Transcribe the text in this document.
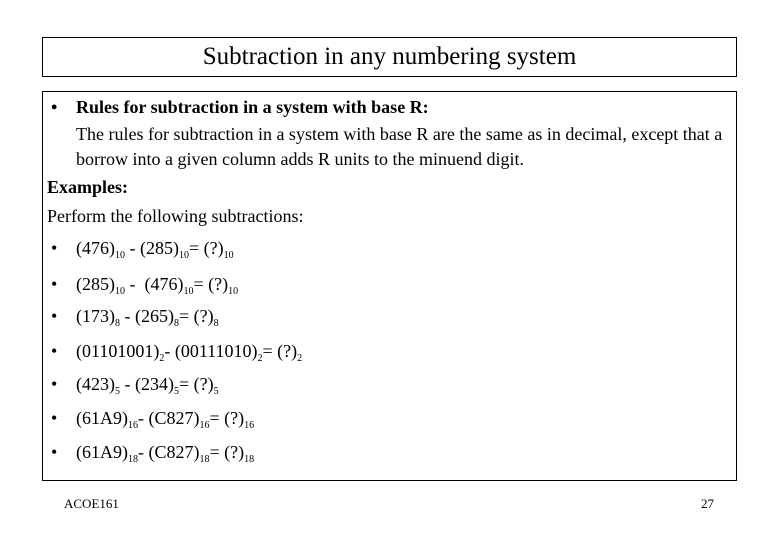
Subtraction in any numbering system
• Rules for subtraction in a system with base R:
The rules for subtraction in a system with base R are the same as in decimal, except that a borrow into a given column adds R units to the minuend digit.
Examples:
Perform the following subtractions:
• $(476)_{10} - (285)_{10}=$ $(?)_{10}$
• $(285)_{10} - (476)_{10}=$ $(?)_{10}$
• $(173)_8 - (265)_8=$ $(?)_8$
• $(01101001)_2-$ $(00111010)_2=$ $(?)_2$
• $(423)_5 - (234)_5=$ $(?)_5$
• $(61A9)_{16}-$ $(C827)_{16}=$ $(?)_{16}$
• $(61A9)_{18}-$ $(C827)_{18}=$ $(?)_{18}$
ACOE161	27
